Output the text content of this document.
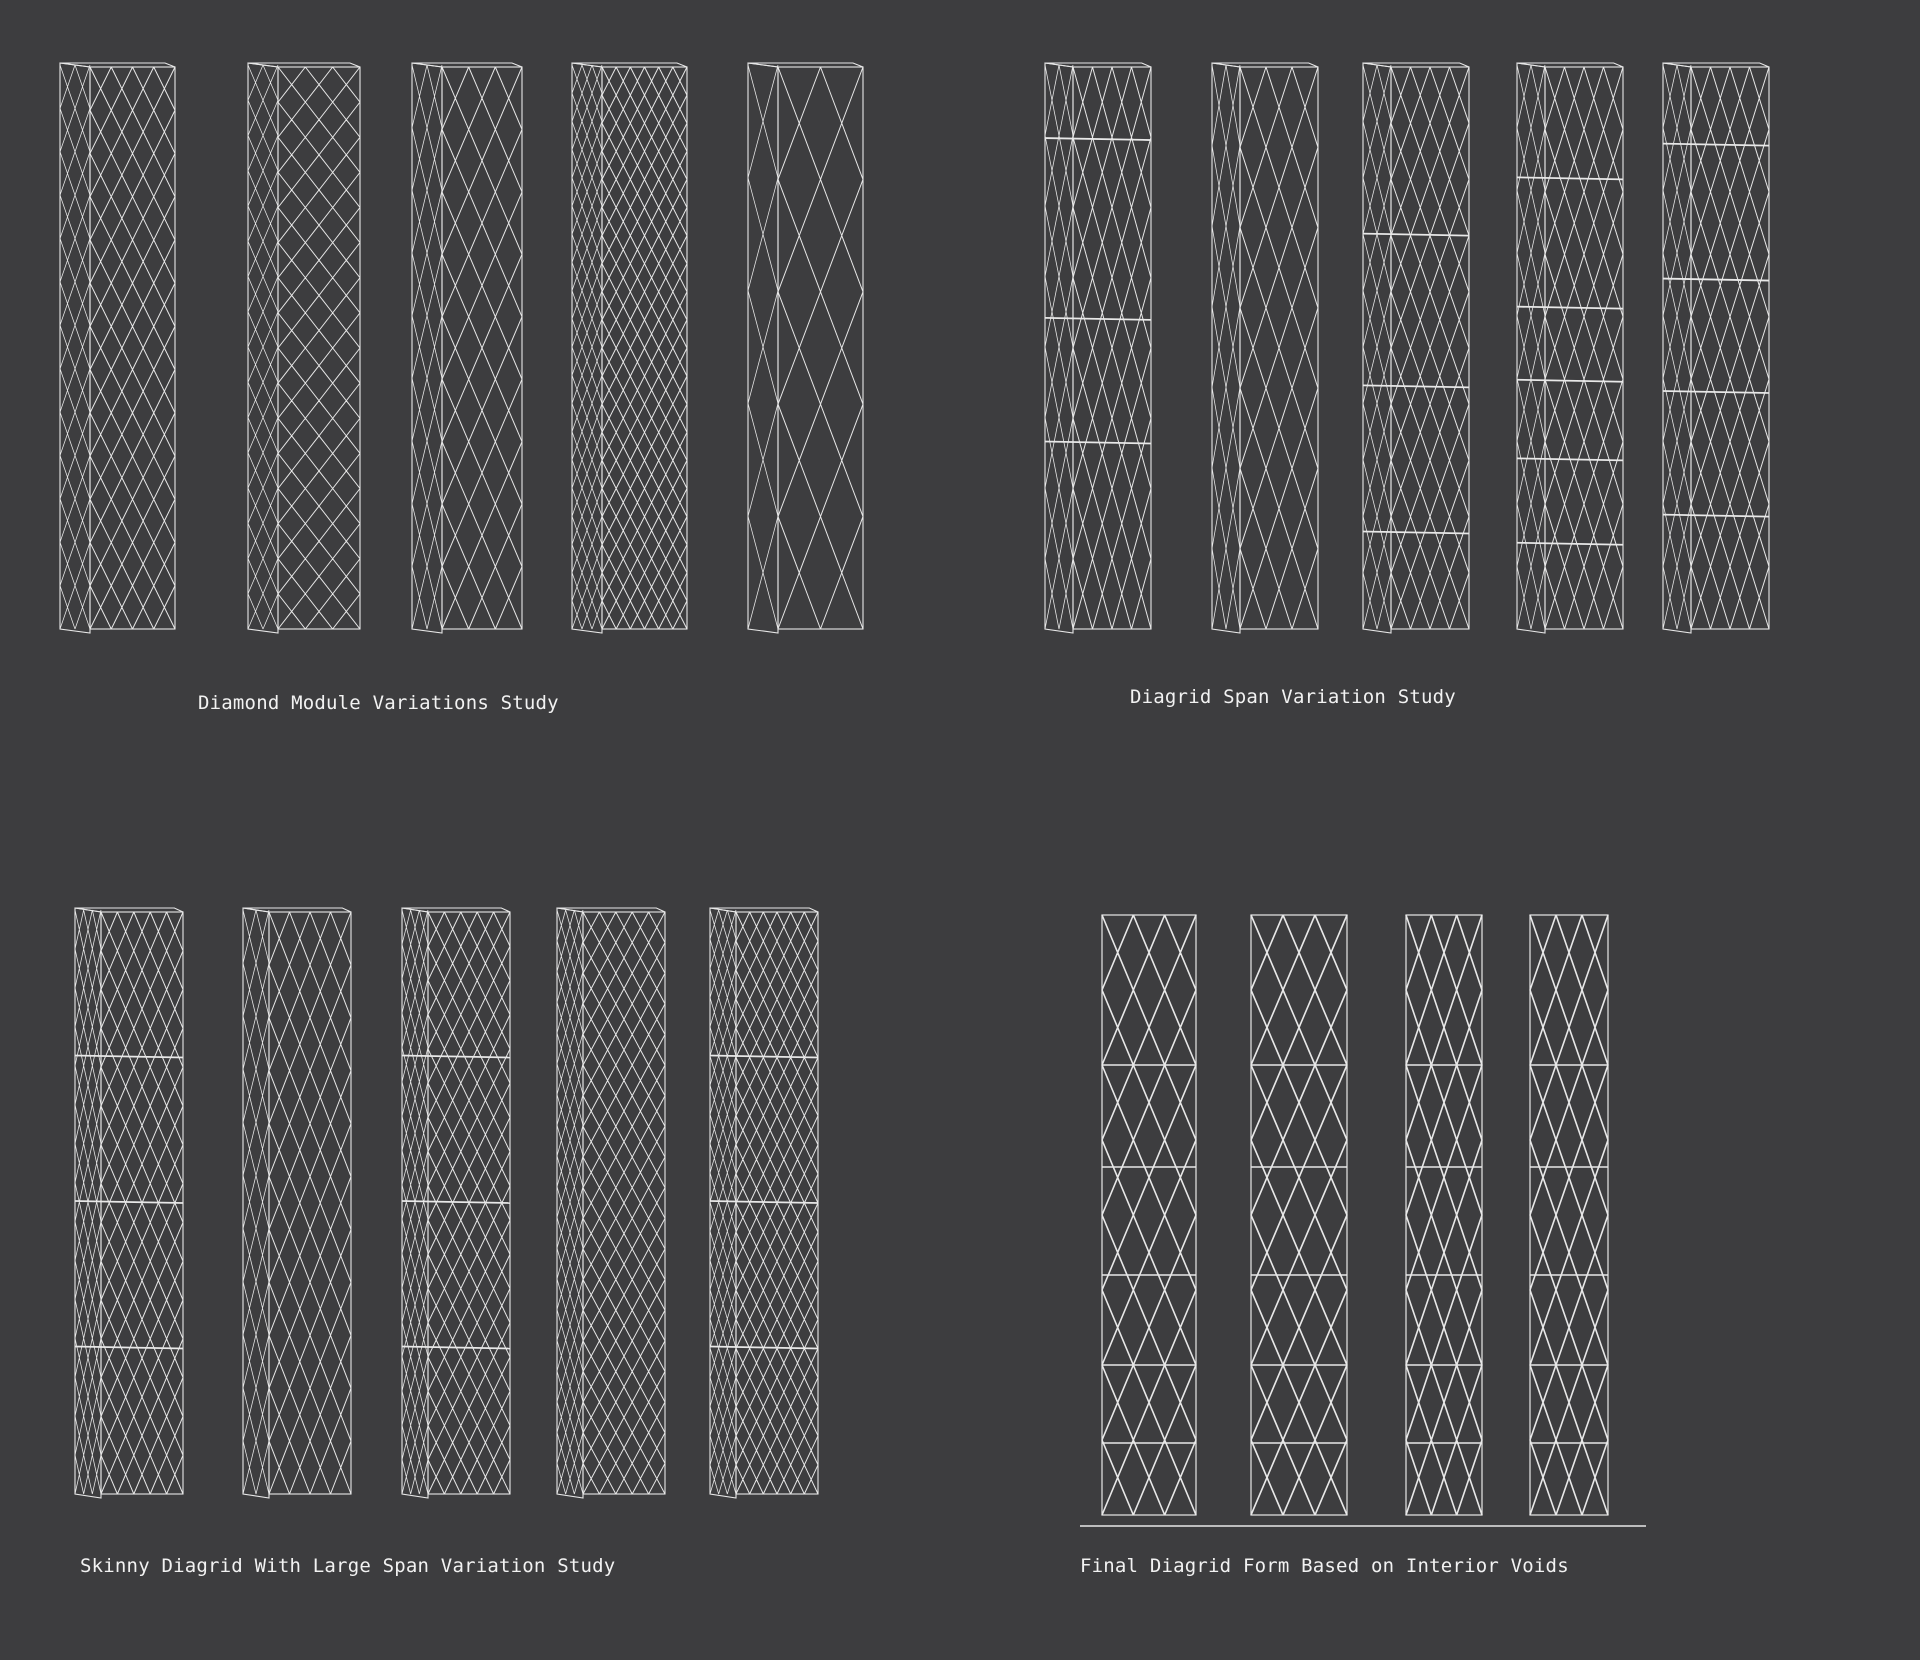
Diamond Module Variations Study	Diagrid Span Variation Study
Skinny Diagrid With Large Span Variation Study	Final Diagrid Form Based on Interior Voids
